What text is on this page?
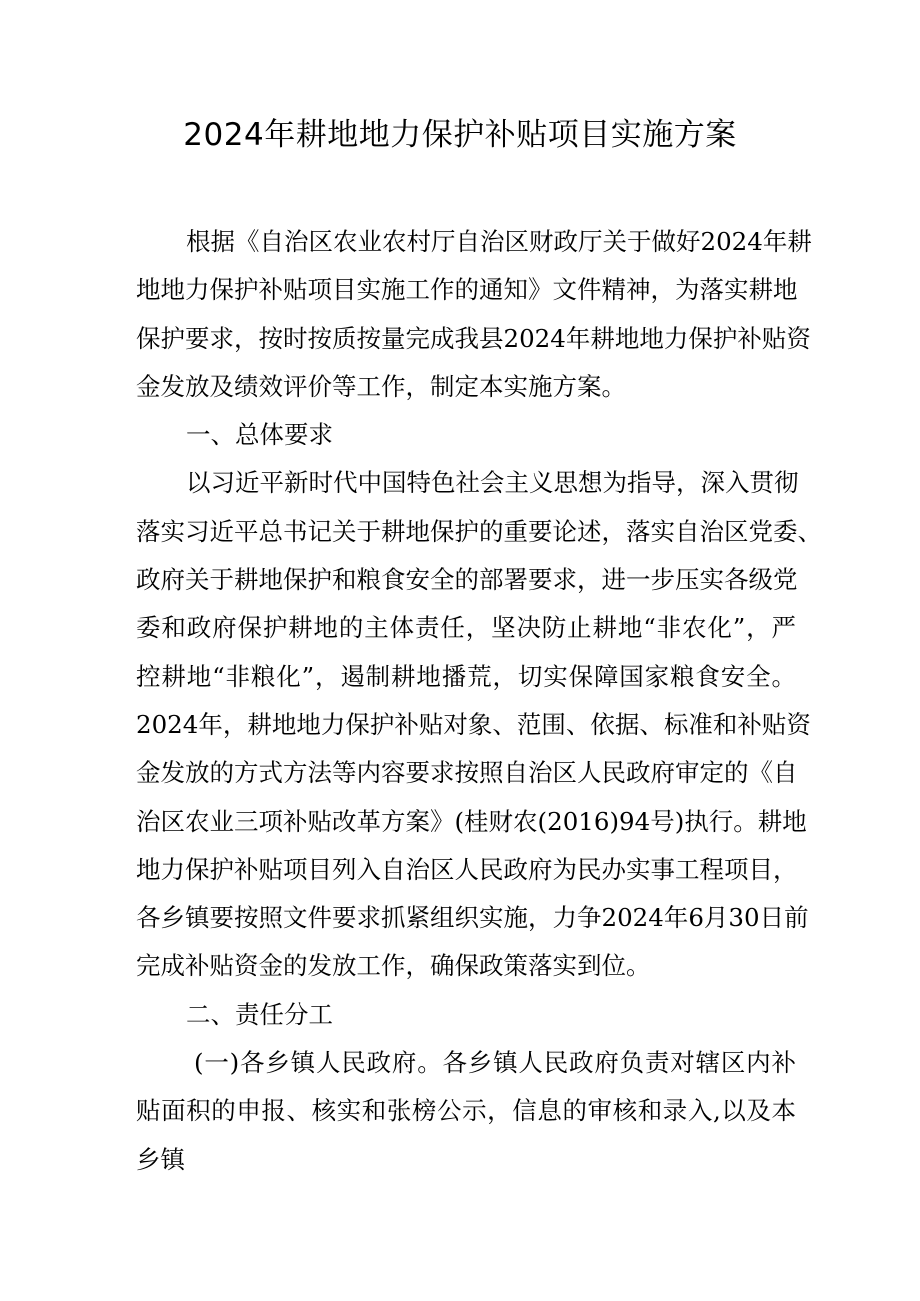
2024年耕地地力保护补贴项目实施方案
根据《自治区农业农村厅自治区财政厅关于做好2024年耕
地地力保护补贴项目实施工作的通知》文件精神，为落实耕地
保护要求，按时按质按量完成我县2024年耕地地力保护补贴资
金发放及绩效评价等工作，制定本实施方案。
一、总体要求
以习近平新时代中国特色社会主义思想为指导，深入贯彻
落实习近平总书记关于耕地保护的重要论述，落实自治区党委、
政府关于耕地保护和粮食安全的部署要求，进一步压实各级党
委和政府保护耕地的主体责任，坚决防止耕地“非农化”，严
控耕地“非粮化”，遏制耕地播荒，切实保障国家粮食安全。
2024年，耕地地力保护补贴对象、范围、依据、标准和补贴资
金发放的方式方法等内容要求按照自治区人民政府审定的《自
治区农业三项补贴改革方案》(桂财农(2016)94号)执行。耕地
地力保护补贴项目列入自治区人民政府为民办实事工程项目，
各乡镇要按照文件要求抓紧组织实施，力争2024年6月30日前
完成补贴资金的发放工作，确保政策落实到位。
二、责任分工
(一)各乡镇人民政府。各乡镇人民政府负责对辖区内补
贴面积的申报、核实和张榜公示，信息的审核和录入,以及本
乡镇
